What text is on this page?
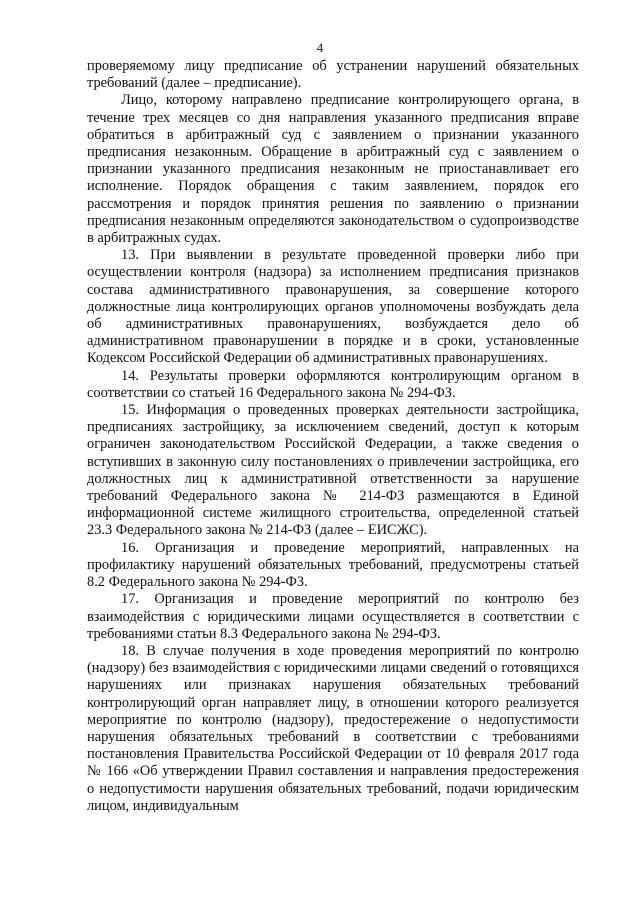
4

проверяемому лицу предписание об устранении нарушений обязательных требований (далее – предписание).

Лицо, которому направлено предписание контролирующего органа, в течение трех месяцев со дня направления указанного предписания вправе обратиться в арбитражный суд с заявлением о признании указанного предписания незаконным. Обращение в арбитражный суд с заявлением о признании указанного предписания незаконным не приостанавливает его исполнение. Порядок обращения с таким заявлением, порядок его рассмотрения и порядок принятия решения по заявлению о признании предписания незаконным определяются законодательством о судопроизводстве в арбитражных судах.

13. При выявлении в результате проведенной проверки либо при осуществлении контроля (надзора) за исполнением предписания признаков состава административного правонарушения, за совершение которого должностные лица контролирующих органов уполномочены возбуждать дела об административных правонарушениях, возбуждается дело об административном правонарушении в порядке и в сроки, установленные Кодексом Российской Федерации об административных правонарушениях.

14. Результаты проверки оформляются контролирующим органом в соответствии со статьей 16 Федерального закона № 294-ФЗ.

15. Информация о проведенных проверках деятельности застройщика, предписаниях застройщику, за исключением сведений, доступ к которым ограничен законодательством Российской Федерации, а также сведения о вступивших в законную силу постановлениях о привлечении застройщика, его должностных лиц к административной ответственности за нарушение требований Федерального закона № 214-ФЗ размещаются в Единой информационной системе жилищного строительства, определенной статьей 23.3 Федерального закона № 214-ФЗ (далее – ЕИСЖС).

16. Организация и проведение мероприятий, направленных на профилактику нарушений обязательных требований, предусмотрены статьей 8.2 Федерального закона № 294-ФЗ.

17. Организация и проведение мероприятий по контролю без взаимодействия с юридическими лицами осуществляется в соответствии с требованиями статьи 8.3 Федерального закона № 294-ФЗ.

18. В случае получения в ходе проведения мероприятий по контролю (надзору) без взаимодействия с юридическими лицами сведений о готовящихся нарушениях или признаках нарушения обязательных требований контролирующий орган направляет лицу, в отношении которого реализуется мероприятие по контролю (надзору), предостережение о недопустимости нарушения обязательных требований в соответствии с требованиями постановления Правительства Российской Федерации от 10 февраля 2017 года № 166 «Об утверждении Правил составления и направления предостережения о недопустимости нарушения обязательных требований, подачи юридическим лицом, индивидуальным
